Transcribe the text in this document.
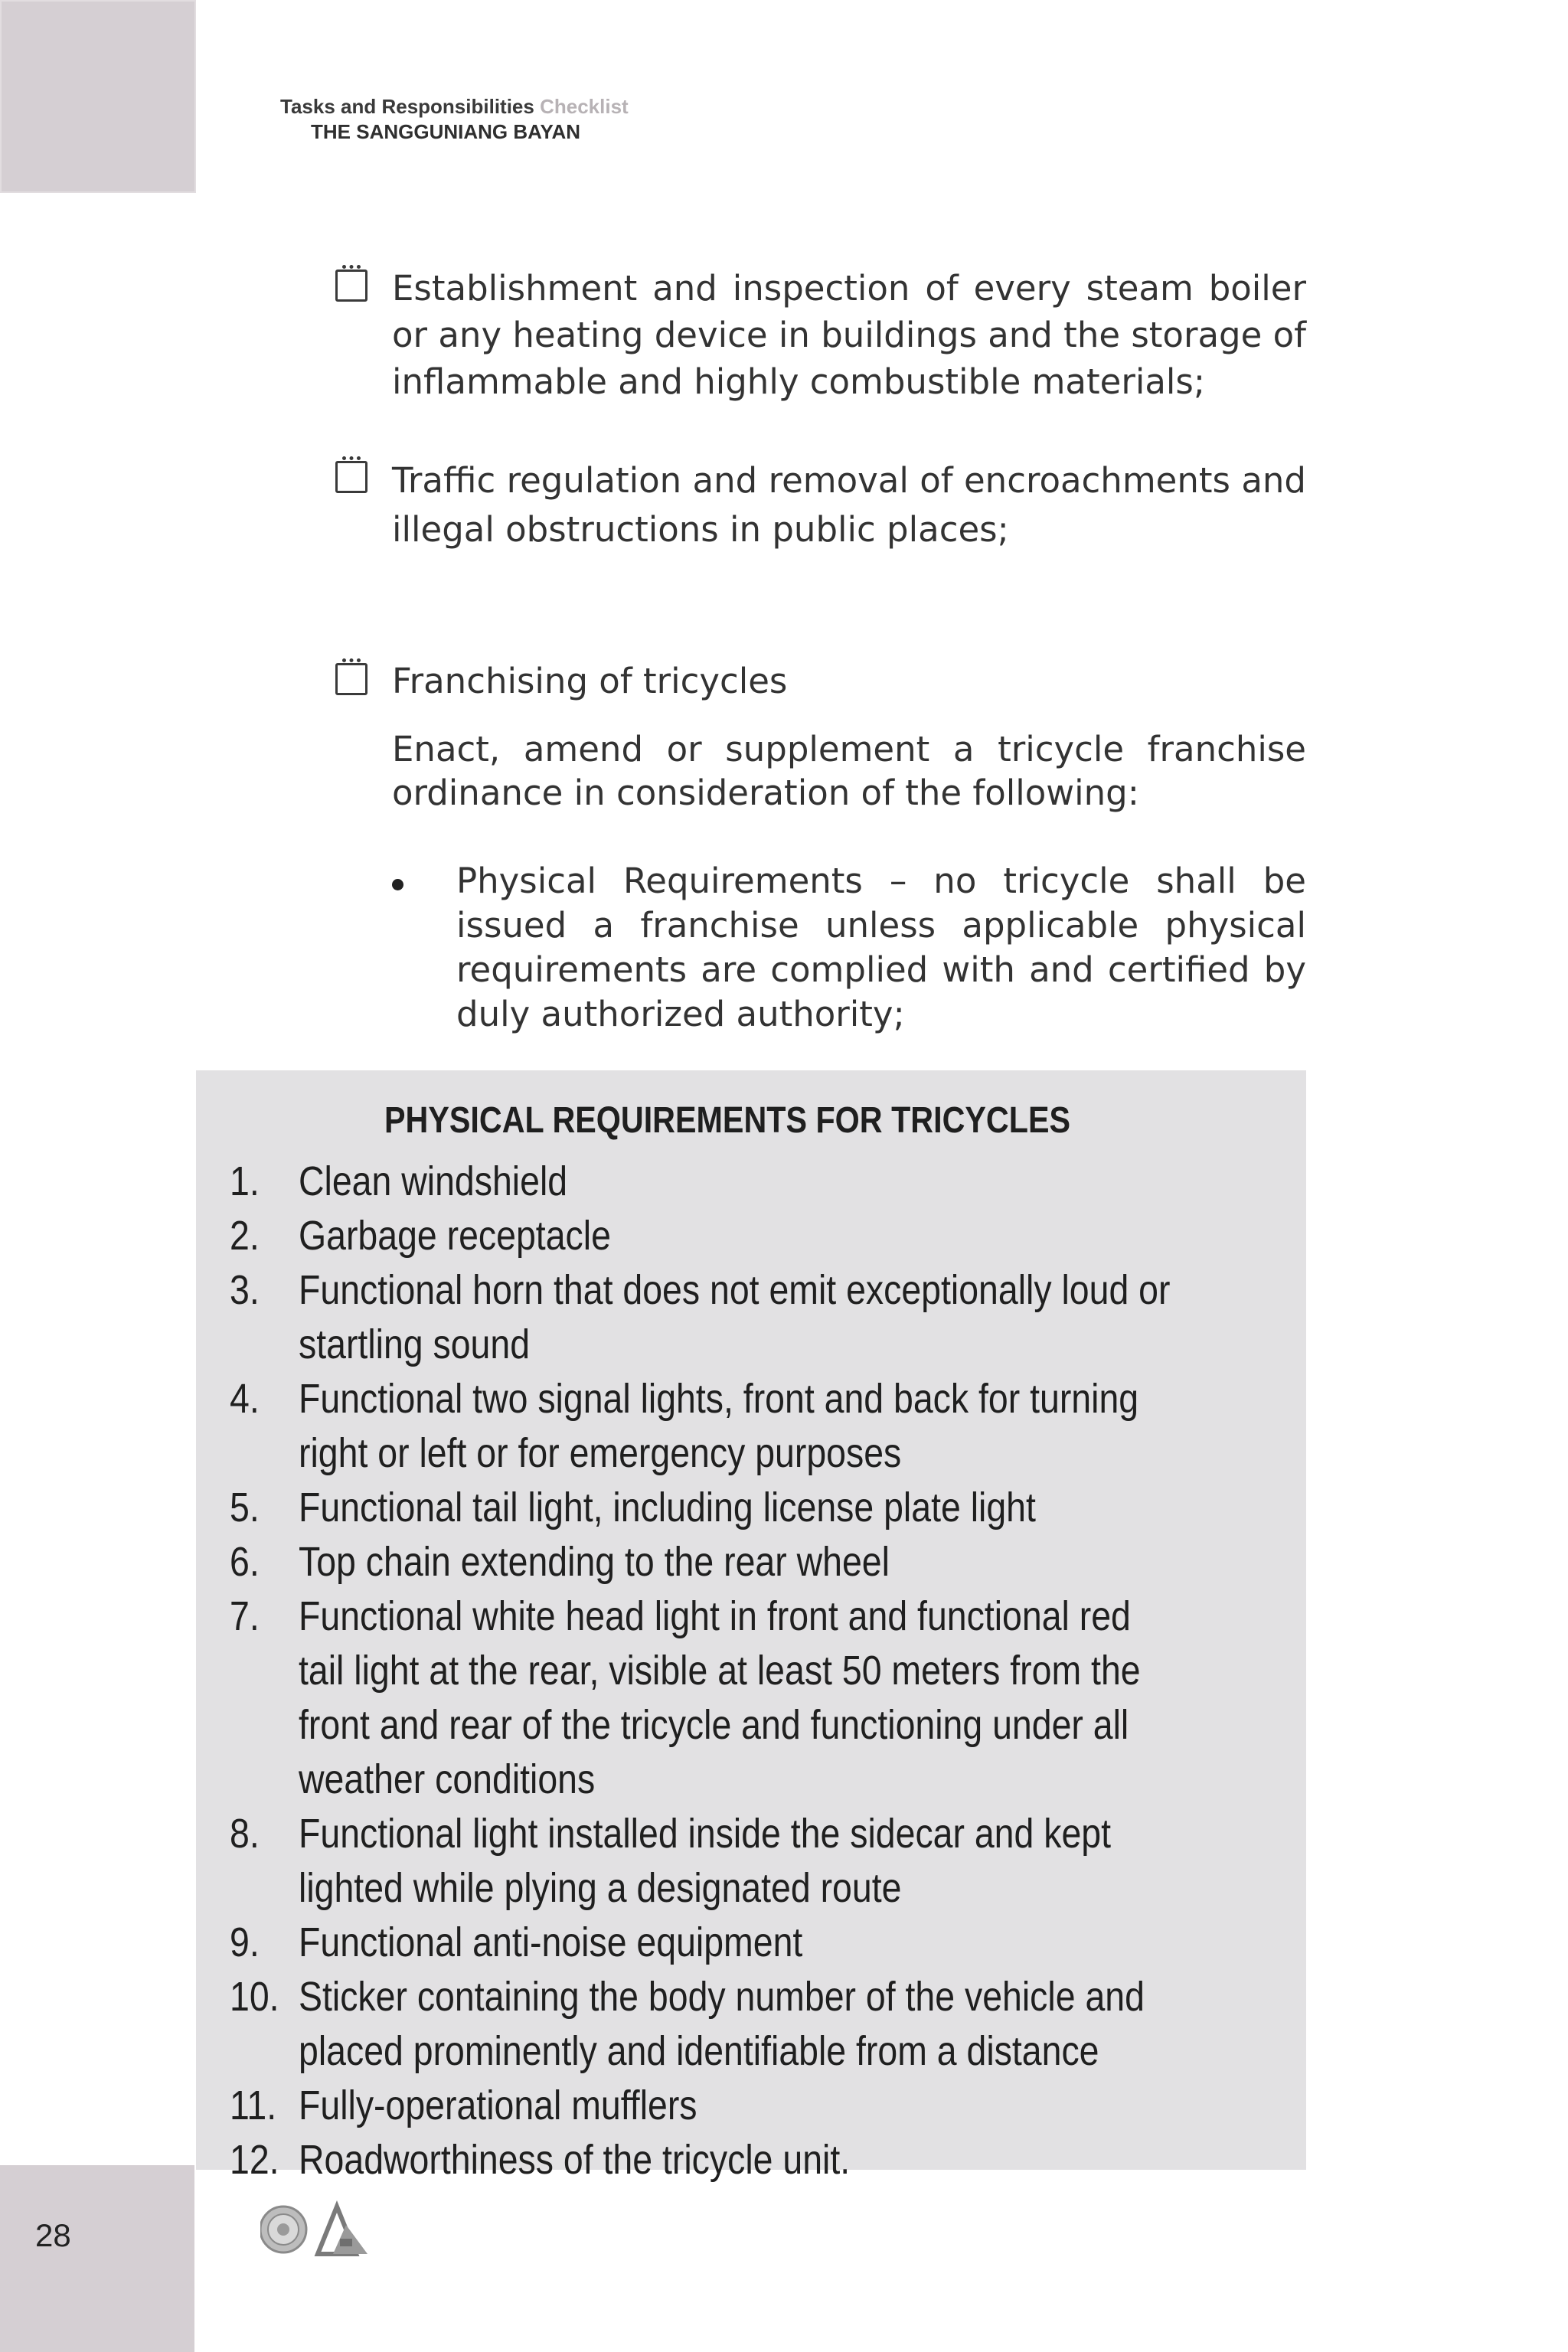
Tasks and Responsibilities Checklist
THE SANGGUNIANG BAYAN
Establishment and inspection of every steam boiler or any heating device in buildings and the storage of inflammable and highly combustible materials;
Traffic regulation and removal of encroachments and illegal obstructions in public places;
Franchising of tricycles
Enact, amend or supplement a tricycle franchise ordinance in consideration of the following:
Physical Requirements – no tricycle shall be issued a franchise unless applicable physical requirements are complied with and certified by duly authorized authority;
PHYSICAL REQUIREMENTS FOR TRICYCLES
1. Clean windshield
2. Garbage receptacle
3. Functional horn that does not emit exceptionally loud or startling sound
4. Functional two signal lights, front and back for turning right or left or for emergency purposes
5. Functional tail light, including license plate light
6. Top chain extending to the rear wheel
7. Functional white head light in front and functional red tail light at the rear, visible at least 50 meters from the front and rear of the tricycle and functioning under all weather conditions
8. Functional light installed inside the sidecar and kept lighted while plying a designated route
9. Functional anti-noise equipment
10. Sticker containing the body number of the vehicle and placed prominently and identifiable from a distance
11. Fully-operational mufflers
12. Roadworthiness of the tricycle unit.
28
